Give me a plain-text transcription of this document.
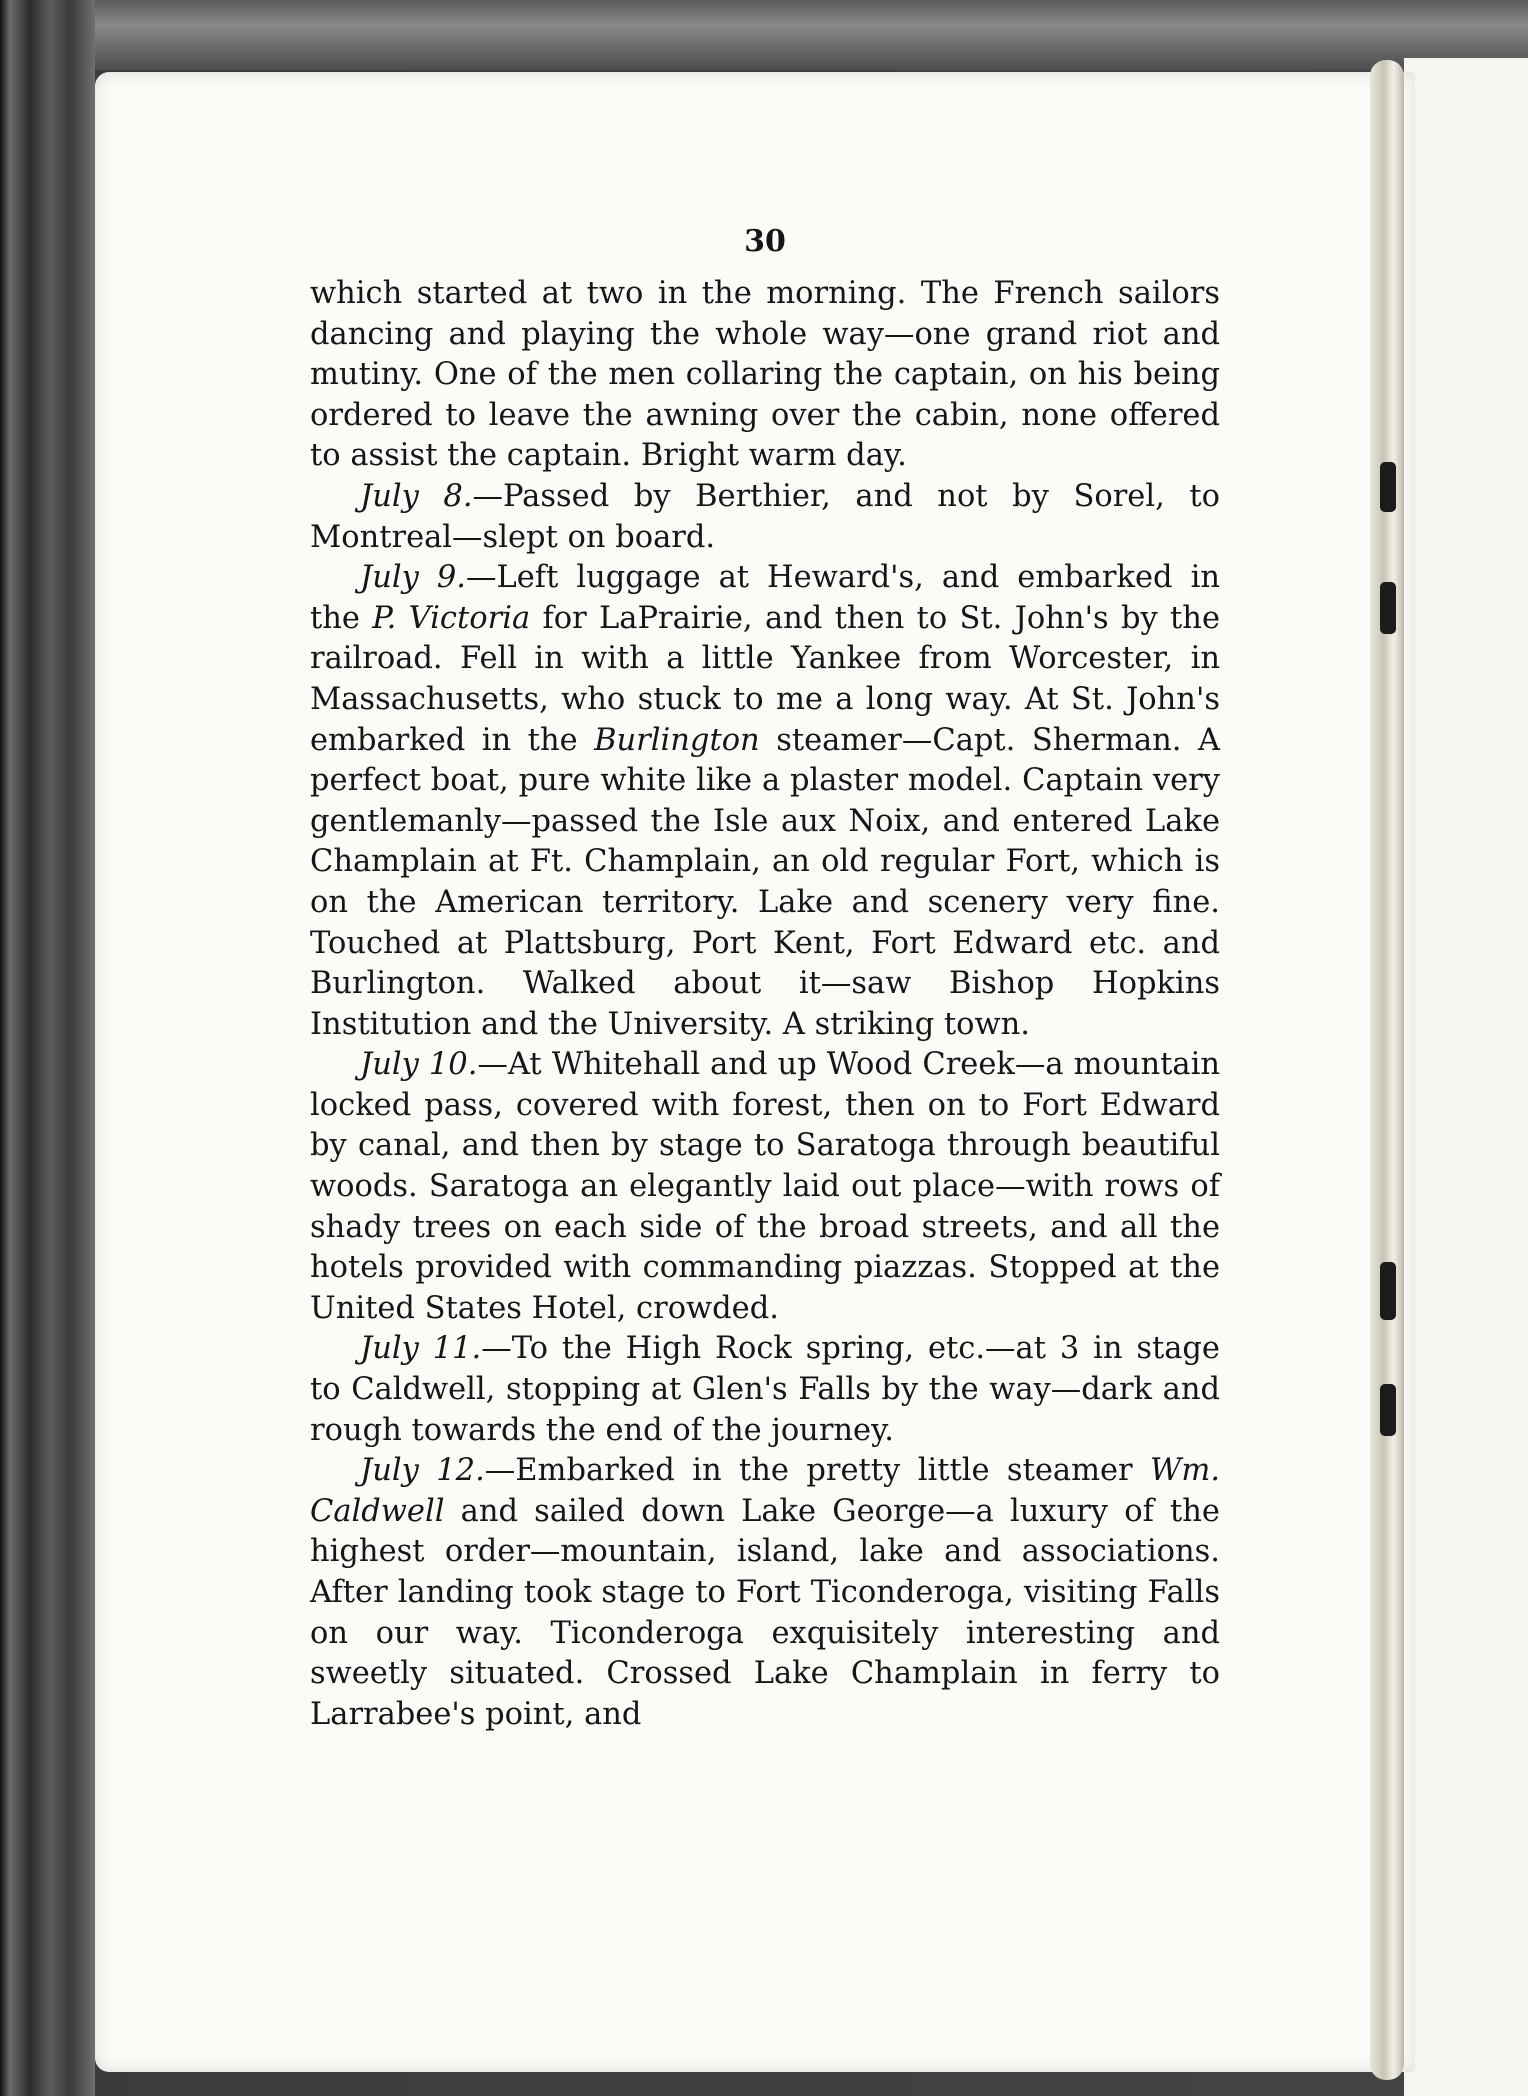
30

which started at two in the morning. The French sailors dancing and playing the whole way—one grand riot and mutiny. One of the men collaring the captain, on his being ordered to leave the awning over the cabin, none offered to assist the captain. Bright warm day.

July 8.—Passed by Berthier, and not by Sorel, to Montreal—slept on board.

July 9.—Left luggage at Heward's, and embarked in the P. Victoria for LaPrairie, and then to St. John's by the railroad. Fell in with a little Yankee from Worcester, in Massachusetts, who stuck to me a long way. At St. John's embarked in the Burlington steamer—Capt. Sherman. A perfect boat, pure white like a plaster model. Captain very gentlemanly—passed the Isle aux Noix, and entered Lake Champlain at Ft. Champlain, an old regular Fort, which is on the American territory. Lake and scenery very fine. Touched at Plattsburg, Port Kent, Fort Edward etc. and Burlington. Walked about it—saw Bishop Hopkins Institution and the University. A striking town.

July 10.—At Whitehall and up Wood Creek—a mountain locked pass, covered with forest, then on to Fort Edward by canal, and then by stage to Saratoga through beautiful woods. Saratoga an elegantly laid out place—with rows of shady trees on each side of the broad streets, and all the hotels provided with commanding piazzas. Stopped at the United States Hotel, crowded.

July 11.—To the High Rock spring, etc.—at 3 in stage to Caldwell, stopping at Glen's Falls by the way—dark and rough towards the end of the journey.

July 12.—Embarked in the pretty little steamer Wm. Caldwell and sailed down Lake George—a luxury of the highest order—mountain, island, lake and associations. After landing took stage to Fort Ticonderoga, visiting Falls on our way. Ticonderoga exquisitely interesting and sweetly situated. Crossed Lake Champlain in ferry to Larrabee's point, and
